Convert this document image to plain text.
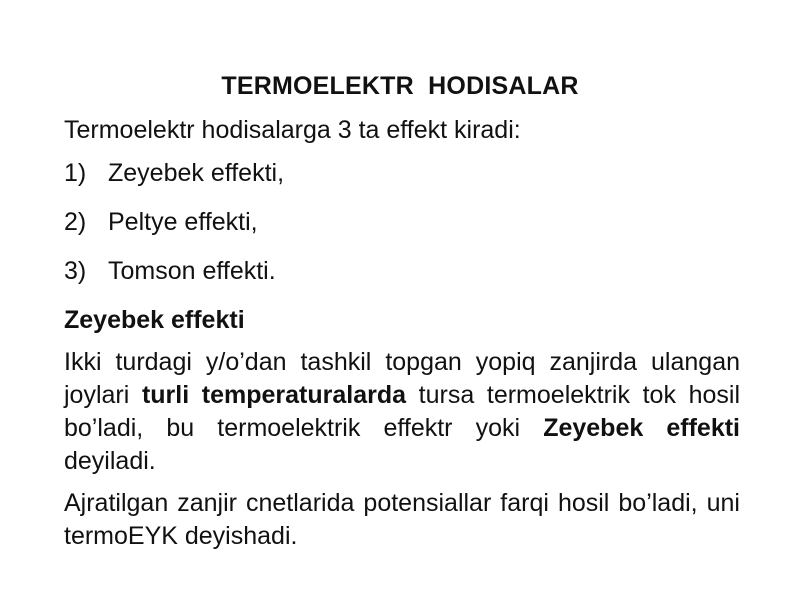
TERMOELEKTR  HODISALAR

Termoelektr hodisalarga 3 ta effekt kiradi:

1) Zeyebek effekti,
2) Peltye effekti,
3) Tomson effekti.

Zeyebek effekti

Ikki turdagi y/o’dan tashkil topgan yopiq zanjirda ulangan joylari turli temperaturalarda tursa termoelektrik tok hosil bo’ladi, bu termoelektrik effektr yoki Zeyebek effekti deyiladi.

Ajratilgan zanjir cnetlarida potensiallar farqi hosil bo’ladi, uni termoEYK deyishadi.
